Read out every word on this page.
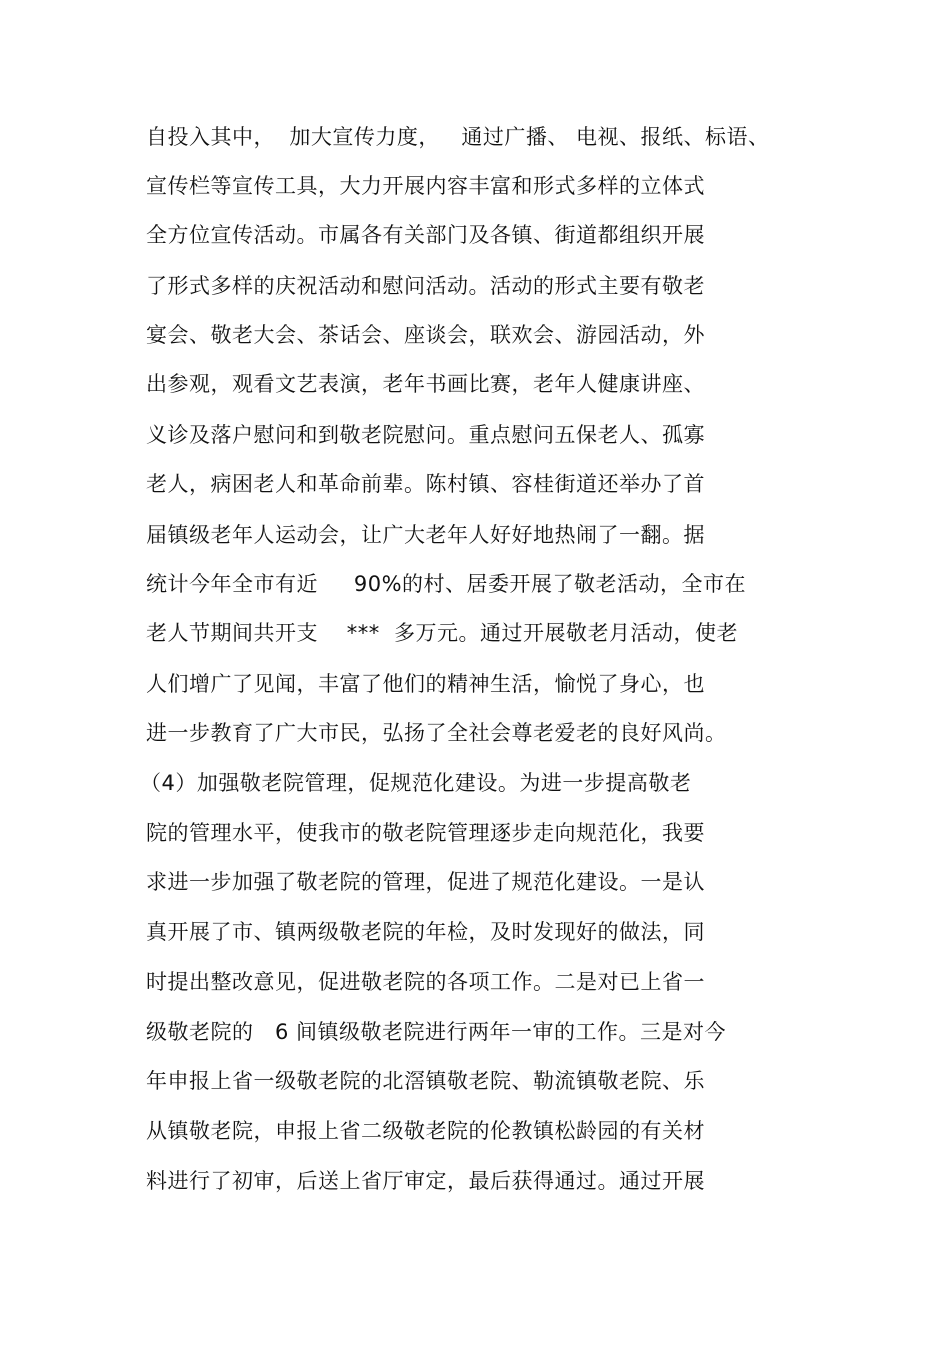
自投入其中，  加大宣传力度，   通过广播、 电视、报纸、标语、
宣传栏等宣传工具，大力开展内容丰富和形式多样的立体式
全方位宣传活动。市属各有关部门及各镇、街道都组织开展
了形式多样的庆祝活动和慰问活动。活动的形式主要有敬老
宴会、敬老大会、茶话会、座谈会，联欢会、游园活动，外
出参观，观看文艺表演，老年书画比赛，老年人健康讲座、
义诊及落户慰问和到敬老院慰问。重点慰问五保老人、孤寡
老人，病困老人和革命前辈。陈村镇、容桂街道还举办了首
届镇级老年人运动会，让广大老年人好好地热闹了一翻。据
统计今年全市有近     90%的村、居委开展了敬老活动，全市在
老人节期间共开支    ***  多万元。通过开展敬老月活动，使老
人们增广了见闻，丰富了他们的精神生活，愉悦了身心，也
进一步教育了广大市民，弘扬了全社会尊老爱老的良好风尚。
（4）加强敬老院管理，促规范化建设。为进一步提高敬老
院的管理水平，使我市的敬老院管理逐步走向规范化，我要
求进一步加强了敬老院的管理，促进了规范化建设。一是认
真开展了市、镇两级敬老院的年检，及时发现好的做法，同
时提出整改意见，促进敬老院的各项工作。二是对已上省一
级敬老院的   6 间镇级敬老院进行两年一审的工作。三是对今
年申报上省一级敬老院的北滘镇敬老院、勒流镇敬老院、乐
从镇敬老院，申报上省二级敬老院的伦教镇松龄园的有关材
料进行了初审，后送上省厅审定，最后获得通过。通过开展
